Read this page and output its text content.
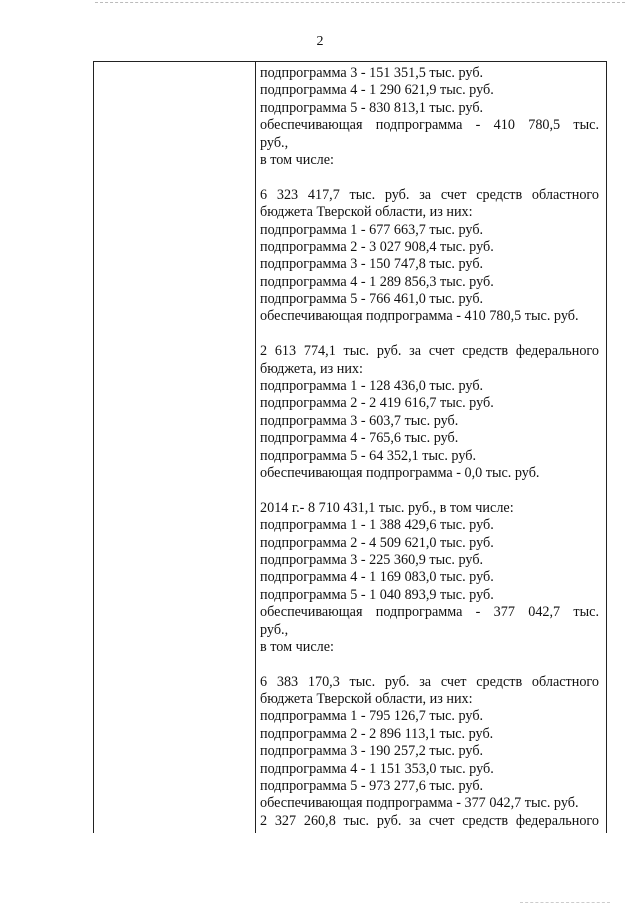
2
подпрограмма 3 - 151 351,5 тыс. руб.
подпрограмма 4 - 1 290 621,9 тыс. руб.
подпрограмма 5 - 830 813,1 тыс. руб.
обеспечивающая подпрограмма - 410 780,5 тыс.
руб.,
в том числе:
6 323 417,7 тыс. руб. за счет средств областного
бюджета Тверской области, из них:
подпрограмма 1 - 677 663,7 тыс. руб.
подпрограмма 2 - 3 027 908,4 тыс. руб.
подпрограмма 3 - 150 747,8 тыс. руб.
подпрограмма 4 - 1 289 856,3 тыс. руб.
подпрограмма 5 - 766 461,0 тыс. руб.
обеспечивающая подпрограмма - 410 780,5 тыс. руб.
2 613 774,1 тыс. руб. за счет средств федерального
бюджета, из них:
подпрограмма 1 - 128 436,0 тыс. руб.
подпрограмма 2 - 2 419 616,7 тыс. руб.
подпрограмма 3 - 603,7 тыс. руб.
подпрограмма 4 - 765,6 тыс. руб.
подпрограмма 5 - 64 352,1 тыс. руб.
обеспечивающая подпрограмма - 0,0 тыс. руб.
2014 г.- 8 710 431,1 тыс. руб., в том числе:
подпрограмма 1 - 1 388 429,6 тыс. руб.
подпрограмма 2 - 4 509 621,0 тыс. руб.
подпрограмма 3 - 225 360,9 тыс. руб.
подпрограмма 4 - 1 169 083,0 тыс. руб.
подпрограмма 5 - 1 040 893,9 тыс. руб.
обеспечивающая подпрограмма - 377 042,7 тыс.
руб.,
в том числе:
6 383 170,3 тыс. руб. за счет средств областного
бюджета Тверской области, из них:
подпрограмма 1 - 795 126,7 тыс. руб.
подпрограмма 2 - 2 896 113,1 тыс. руб.
подпрограмма 3 - 190 257,2 тыс. руб.
подпрограмма 4 - 1 151 353,0 тыс. руб.
подпрограмма 5 - 973 277,6 тыс. руб.
обеспечивающая подпрограмма - 377 042,7 тыс. руб.
2 327 260,8 тыс. руб. за счет средств федерального
